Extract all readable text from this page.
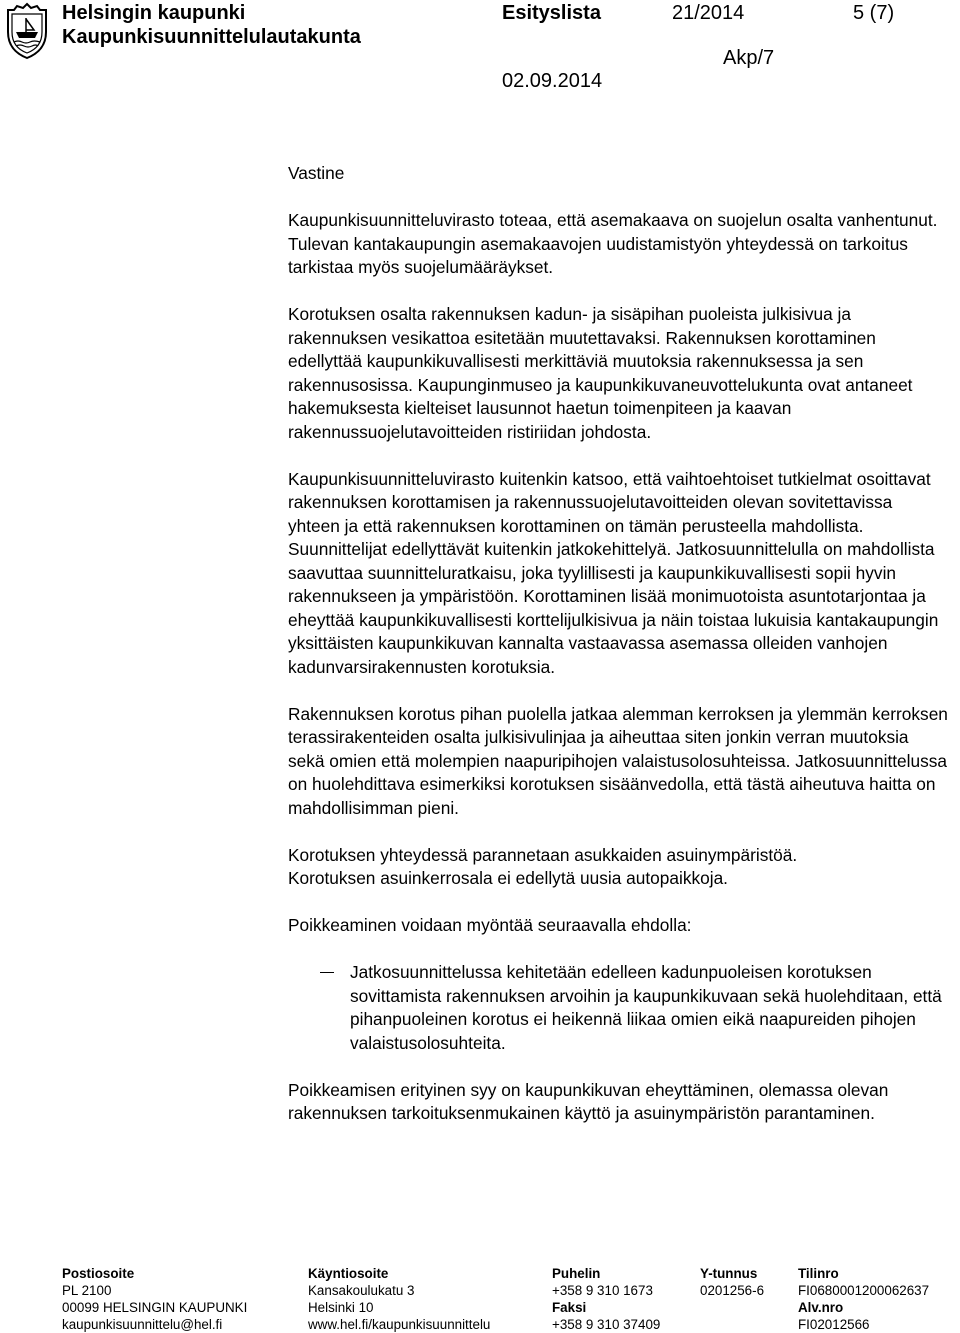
Helsingin kaupunki
Kaupunkisuunnittelulautakunta
Esityslista	21/2014	5 (7)
Akp/7
02.09.2014

Vastine

Kaupunkisuunnitteluvirasto toteaa, että asemakaava on suojelun osalta vanhentunut. Tulevan kantakaupungin asemakaavojen uudistamistyön yhteydessä on tarkoitus tarkistaa myös suojelumääräykset.

Korotuksen osalta rakennuksen kadun- ja sisäpihan puoleista julkisivua ja rakennuksen vesikattoa esitetään muutettavaksi. Rakennuksen korottaminen edellyttää kaupunkikuvallisesti merkittäviä muutoksia rakennuksessa ja sen rakennusosissa. Kaupunginmuseo ja kaupunkikuvaneuvottelukunta ovat antaneet hakemuksesta kielteiset lausunnot haetun toimenpiteen ja kaavan rakennussuojelutavoitteiden ristiriidan johdosta.

Kaupunkisuunnitteluvirasto kuitenkin katsoo, että vaihtoehtoiset tutkielmat osoittavat rakennuksen korottamisen ja rakennussuojelutavoitteiden olevan sovitettavissa yhteen ja että rakennuksen korottaminen on tämän perusteella mahdollista. Suunnittelijat edellyttävät kuitenkin jatkokehittelyä. Jatkosuunnittelulla on mahdollista saavuttaa suunnitteluratkaisu, joka tyylillisesti ja kaupunkikuvallisesti sopii hyvin rakennukseen ja ympäristöön. Korottaminen lisää monimuotoista asuntotarjontaa ja eheyttää kaupunkikuvallisesti korttelijulkisivua ja näin toistaa lukuisia kantakaupungin yksittäisten kaupunkikuvan kannalta vastaavassa asemassa olleiden vanhojen kadunvarsirakennusten korotuksia.

Rakennuksen korotus pihan puolella jatkaa alemman kerroksen ja ylemmän kerroksen terassirakenteiden osalta julkisivulinjaa ja aiheuttaa siten jonkin verran muutoksia sekä omien että molempien naapuripihojen valaistusolosuhteissa. Jatkosuunnittelussa on huolehdittava esimerkiksi korotuksen sisäänvedolla, että tästä aiheutuva haitta on mahdollisimman pieni.

Korotuksen yhteydessä parannetaan asukkaiden asuinympäristöä.

Korotuksen asuinkerrosala ei edellytä uusia autopaikkoja.

Poikkeaminen voidaan myöntää seuraavalla ehdolla:

Jatkosuunnittelussa kehitetään edelleen kadunpuoleisen korotuksen sovittamista rakennuksen arvoihin ja kaupunkikuvaan sekä huolehditaan, että pihanpuoleinen korotus ei heikennä liikaa omien eikä naapureiden pihojen valaistusolosuhteita.

Poikkeamisen erityinen syy on kaupunkikuvan eheyttäminen, olemassa olevan rakennuksen tarkoituksenmukainen käyttö ja asuinympäristön parantaminen.

Postiosoite
PL 2100
00099 HELSINGIN KAUPUNKI
kaupunkisuunnittelu@hel.fi
Käyntiosoite
Kansakoulukatu 3
Helsinki 10
www.hel.fi/kaupunkisuunnittelu
Puhelin
+358 9 310 1673
Faksi
+358 9 310 37409
Y-tunnus
0201256-6
Tilinro
FI0680001200062637
Alv.nro
FI02012566
